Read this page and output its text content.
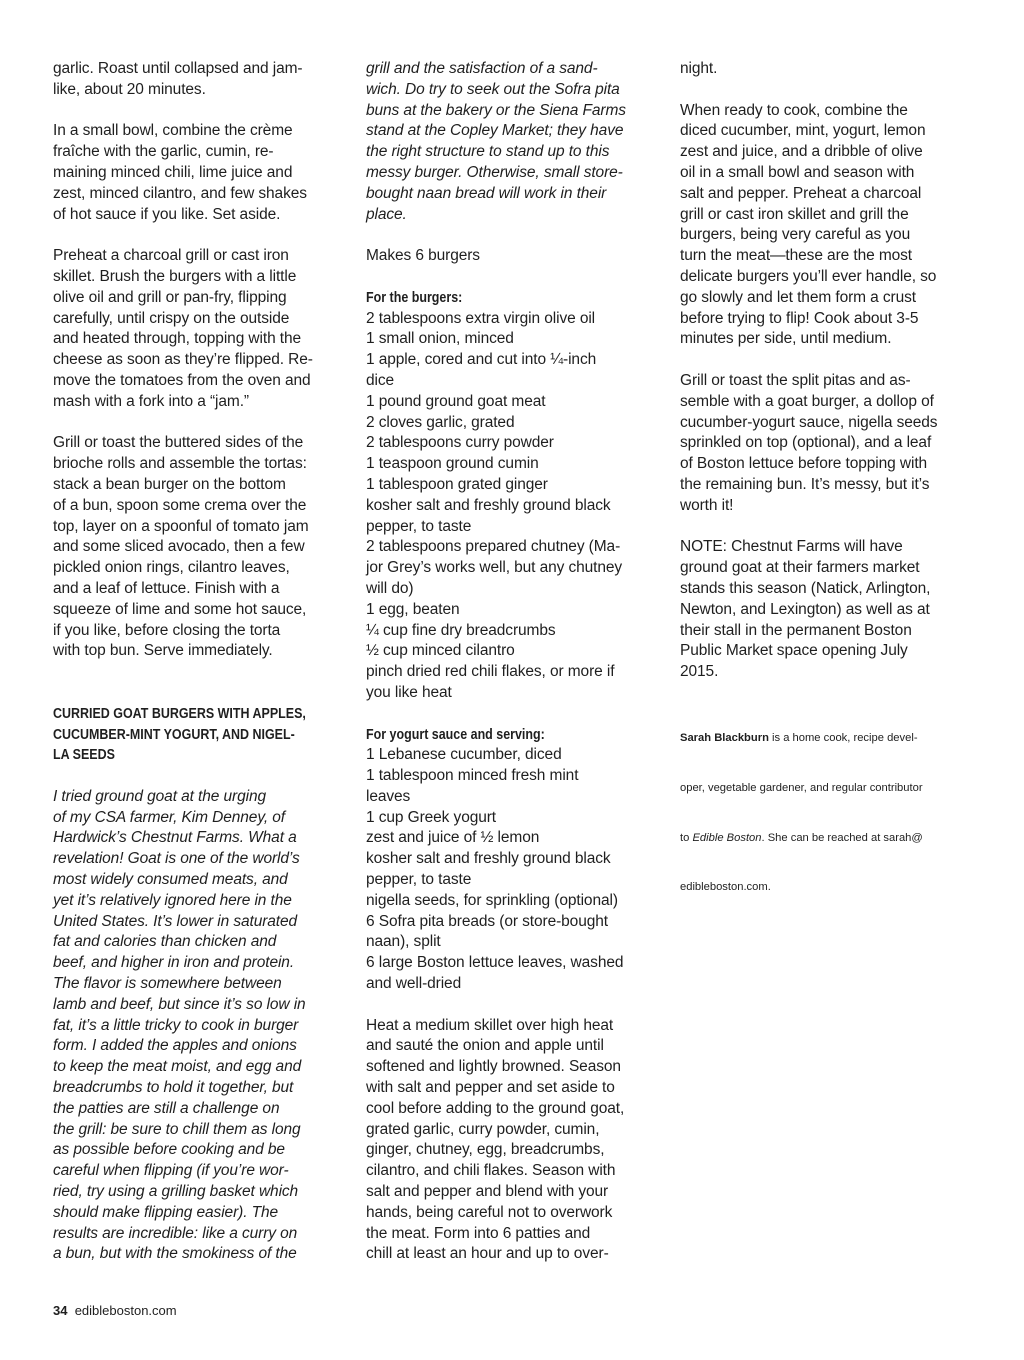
garlic. Roast until collapsed and jam-
like, about 20 minutes.
In a small bowl, combine the crème
fraîche with the garlic, cumin, re-
maining minced chili, lime juice and
zest, minced cilantro, and few shakes
of hot sauce if you like. Set aside.
Preheat a charcoal grill or cast iron
skillet. Brush the burgers with a little
olive oil and grill or pan-fry, flipping
carefully, until crispy on the outside
and heated through, topping with the
cheese as soon as they’re flipped. Re-
move the tomatoes from the oven and
mash with a fork into a “jam.”
Grill or toast the buttered sides of the
brioche rolls and assemble the tortas:
stack a bean burger on the bottom
of a bun, spoon some crema over the
top, layer on a spoonful of tomato jam
and some sliced avocado, then a few
pickled onion rings, cilantro leaves,
and a leaf of lettuce. Finish with a
squeeze of lime and some hot sauce,
if you like, before closing the torta
with top bun. Serve immediately.
CURRIED GOAT BURGERS WITH APPLES,
CUCUMBER-MINT YOGURT, AND NIGEL-
LA SEEDS
I tried ground goat at the urging
of my CSA farmer, Kim Denney, of
Hardwick’s Chestnut Farms. What a
revelation! Goat is one of the world’s
most widely consumed meats, and
yet it’s relatively ignored here in the
United States. It’s lower in saturated
fat and calories than chicken and
beef, and higher in iron and protein.
The flavor is somewhere between
lamb and beef, but since it’s so low in
fat, it’s a little tricky to cook in burger
form. I added the apples and onions
to keep the meat moist, and egg and
breadcrumbs to hold it together, but
the patties are still a challenge on
the grill: be sure to chill them as long
as possible before cooking and be
careful when flipping (if you’re wor-
ried, try using a grilling basket which
should make flipping easier). The
results are incredible: like a curry on
a bun, but with the smokiness of the
grill and the satisfaction of a sand-
wich. Do try to seek out the Sofra pita
buns at the bakery or the Siena Farms
stand at the Copley Market; they have
the right structure to stand up to this
messy burger. Otherwise, small store-
bought naan bread will work in their
place.
Makes 6 burgers
For the burgers:
2 tablespoons extra virgin olive oil
1 small onion, minced
1 apple, cored and cut into ¼-inch
dice
1 pound ground goat meat
2 cloves garlic, grated
2 tablespoons curry powder
1 teaspoon ground cumin
1 tablespoon grated ginger
kosher salt and freshly ground black
pepper, to taste
2 tablespoons prepared chutney (Ma-
jor Grey’s works well, but any chutney
will do)
1 egg, beaten
¼ cup fine dry breadcrumbs
½ cup minced cilantro
pinch dried red chili flakes, or more if
you like heat
For yogurt sauce and serving:
1 Lebanese cucumber, diced
1 tablespoon minced fresh mint
leaves
1 cup Greek yogurt
zest and juice of ½ lemon
kosher salt and freshly ground black
pepper, to taste
nigella seeds, for sprinkling (optional)
6 Sofra pita breads (or store-bought
naan), split
6 large Boston lettuce leaves, washed
and well-dried
Heat a medium skillet over high heat
and sauté the onion and apple until
softened and lightly browned. Season
with salt and pepper and set aside to
cool before adding to the ground goat,
grated garlic, curry powder, cumin,
ginger, chutney, egg, breadcrumbs,
cilantro, and chili flakes. Season with
salt and pepper and blend with your
hands, being careful not to overwork
the meat. Form into 6 patties and
chill at least an hour and up to over-
night.
When ready to cook, combine the
diced cucumber, mint, yogurt, lemon
zest and juice, and a dribble of olive
oil in a small bowl and season with
salt and pepper. Preheat a charcoal
grill or cast iron skillet and grill the
burgers, being very careful as you
turn the meat—these are the most
delicate burgers you’ll ever handle, so
go slowly and let them form a crust
before trying to flip! Cook about 3-5
minutes per side, until medium.
Grill or toast the split pitas and as-
semble with a goat burger, a dollop of
cucumber-yogurt sauce, nigella seeds
sprinkled on top (optional), and a leaf
of Boston lettuce before topping with
the remaining bun. It’s messy, but it’s
worth it!
NOTE: Chestnut Farms will have
ground goat at their farmers market
stands this season (Natick, Arlington,
Newton, and Lexington) as well as at
their stall in the permanent Boston
Public Market space opening July
2015.

Sarah Blackburn is a home cook, recipe devel-

oper, vegetable gardener, and regular contributor

to Edible Boston. She can be reached at sarah@

edibleboston.com.

34 edibleboston.com
